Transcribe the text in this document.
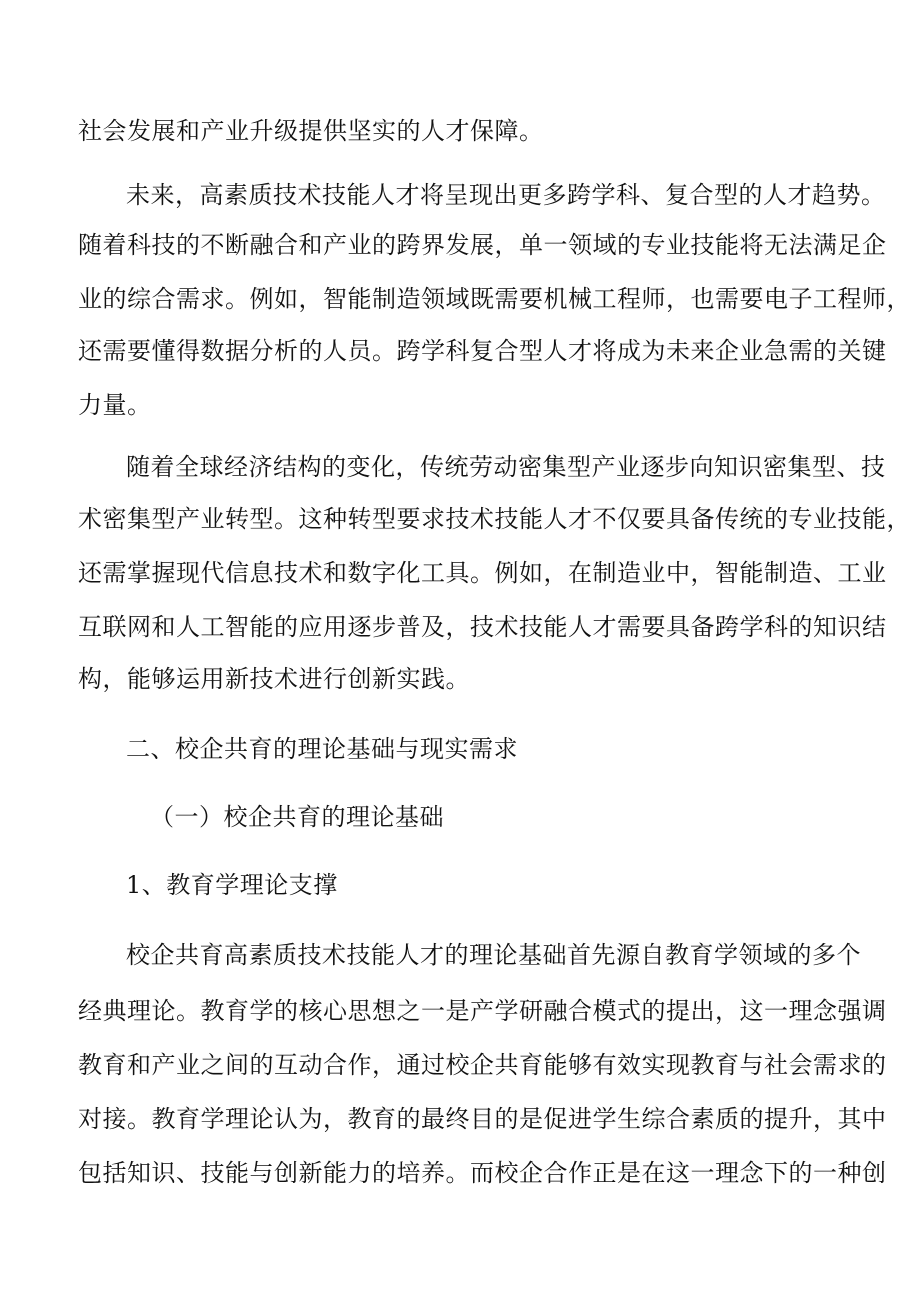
社会发展和产业升级提供坚实的人才保障。
未来，高素质技术技能人才将呈现出更多跨学科、复合型的人才趋势。
随着科技的不断融合和产业的跨界发展，单一领域的专业技能将无法满足企
业的综合需求。例如，智能制造领域既需要机械工程师，也需要电子工程师，
还需要懂得数据分析的人员。跨学科复合型人才将成为未来企业急需的关键
力量。
随着全球经济结构的变化，传统劳动密集型产业逐步向知识密集型、技
术密集型产业转型。这种转型要求技术技能人才不仅要具备传统的专业技能，
还需掌握现代信息技术和数字化工具。例如，在制造业中，智能制造、工业
互联网和人工智能的应用逐步普及，技术技能人才需要具备跨学科的知识结
构，能够运用新技术进行创新实践。
二、校企共育的理论基础与现实需求
（一）校企共育的理论基础
1、教育学理论支撑
校企共育高素质技术技能人才的理论基础首先源自教育学领域的多个
经典理论。教育学的核心思想之一是产学研融合模式的提出，这一理念强调
教育和产业之间的互动合作，通过校企共育能够有效实现教育与社会需求的
对接。教育学理论认为，教育的最终目的是促进学生综合素质的提升，其中
包括知识、技能与创新能力的培养。而校企合作正是在这一理念下的一种创
